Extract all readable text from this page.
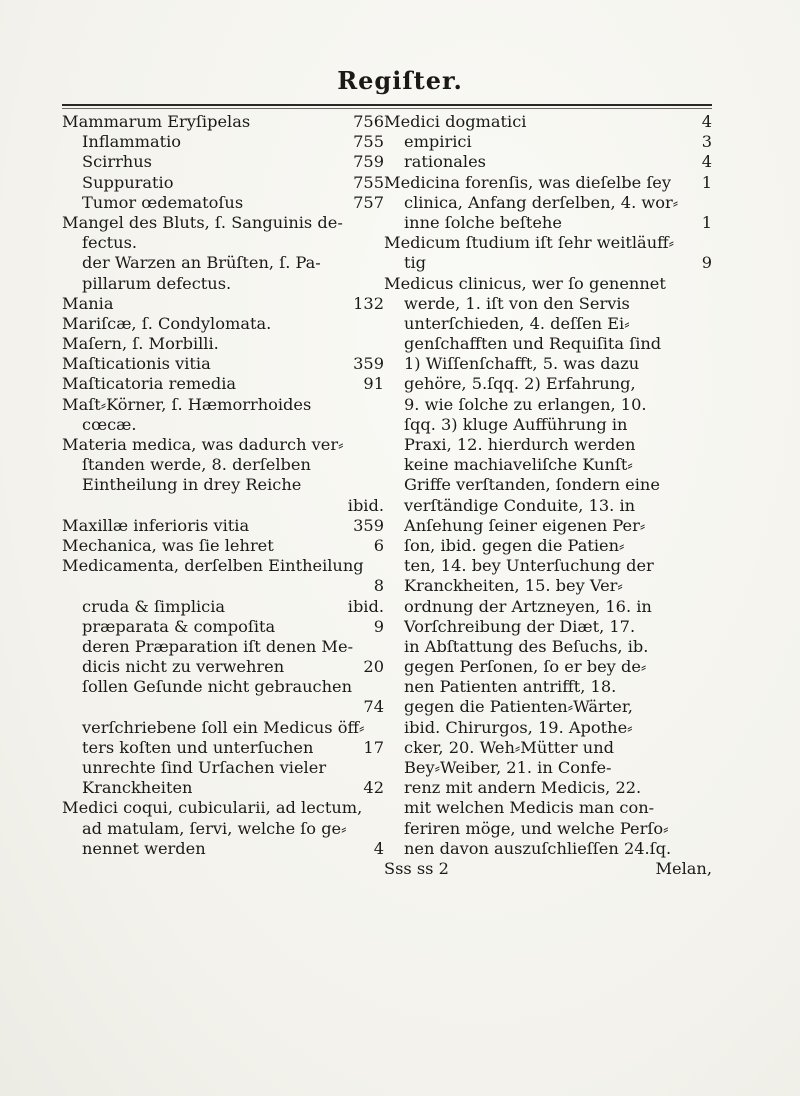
Regiſter.
Mammarum Eryſipelas	756
Inflammatio	755
Scirrhus	759
Suppuratio	755
Tumor œdematoſus	757
Mangel des Bluts, ſ. Sanguinis de-
fectus.
der Warzen an Brüſten, ſ. Pa-
pillarum defectus.
Mania	132
Mariſcæ, ſ. Condylomata.
Maſern, ſ. Morbilli.
Maſticationis vitia	359
Maſticatoria remedia	91
Maſt⸗Körner, ſ. Hæmorrhoides
cœcæ.
Materia medica, was dadurch ver⸗
ſtanden werde, 8. derſelben
Eintheilung in drey Reiche
ibid.
Maxillæ inferioris vitia	359
Mechanica, was ſie lehret	6
Medicamenta, derſelben Eintheilung
8
cruda & ſimplicia	ibid.
præparata & compoſita	9
deren Præparation iſt denen Me-
dicis nicht zu verwehren	20
ſollen Geſunde nicht gebrauchen
74
verſchriebene ſoll ein Medicus öff⸗
ters koſten und unterſuchen	17
unrechte ſind Urſachen vieler
Kranckheiten	42
Medici coqui, cubicularii, ad lectum,
ad matulam, ſervi, welche ſo ge⸗
nennet werden	4
Medici dogmatici	4
empirici	3
rationales	4
Medicina forenſis, was dieſelbe ſey 1
clinica, Anfang derſelben, 4. wor⸗
inne ſolche beſtehe	1
Medicum ſtudium iſt ſehr weitläuff⸗
tig	9
Medicus clinicus, wer ſo genennet
werde, 1. iſt von den Servis
unterſchieden, 4. deſſen Ei⸗
genſchafften und Requiſita ſind
1) Wiſſenſchafft, 5. was dazu
gehöre, 5.ſqq. 2) Erfahrung,
9. wie ſolche zu erlangen, 10.
ſqq. 3) kluge Aufführung in
Praxi, 12. hierdurch werden
keine machiaveliſche Kunſt⸗
Griffe verſtanden, ſondern eine
verſtändige Conduite, 13. in
Anſehung ſeiner eigenen Per⸗
ſon, ibid. gegen die Patien⸗
ten, 14. bey Unterſuchung der
Kranckheiten, 15. bey Ver⸗
ordnung der Artzneyen, 16. in
Vorſchreibung der Diæt, 17.
in Abſtattung des Beſuchs, ib.
gegen Perſonen, ſo er bey de⸗
nen Patienten antrifft, 18.
gegen die Patienten⸗Wärter,
ibid. Chirurgos, 19. Apothe⸗
cker, 20. Weh⸗Mütter und
Bey⸗Weiber, 21. in Confe-
renz mit andern Medicis, 22.
mit welchen Medicis man con-
feriren möge, und welche Perſo⸗
nen davon auszuſchlieſſen 24.ſq.
Sss ss 2	Melan,
